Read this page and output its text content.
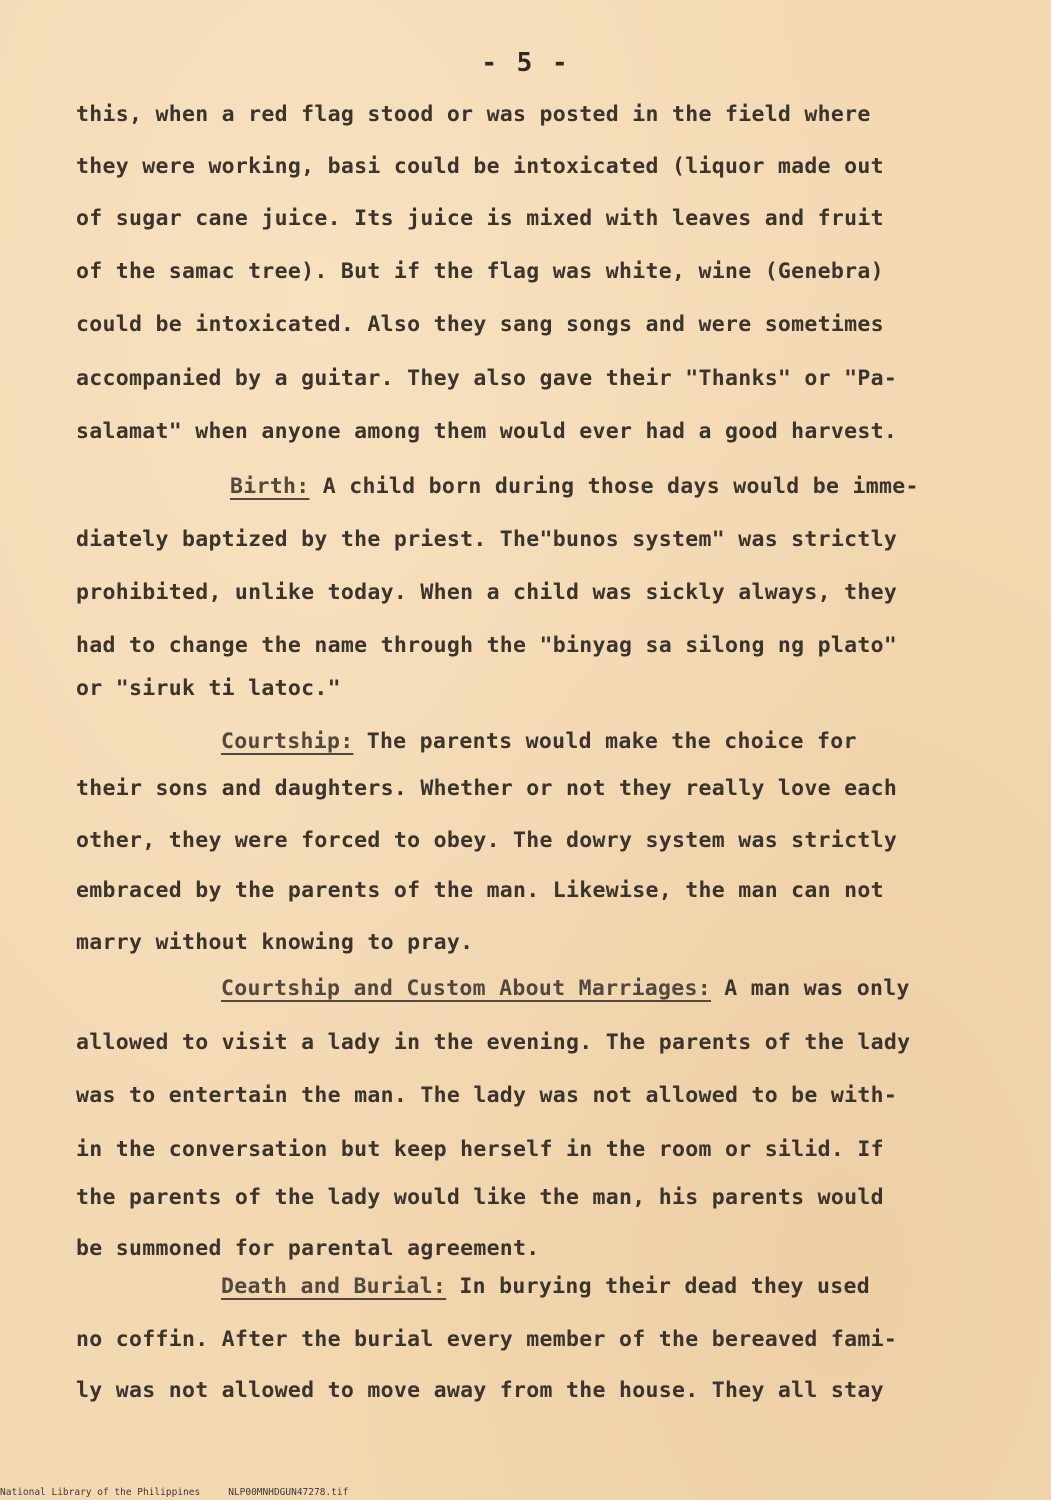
- 5 -
this, when a red flag stood or was posted in the field where
they were working, basi could be intoxicated (liquor made out
of sugar cane juice. Its juice is mixed with leaves and fruit
of the samac tree). But if the flag was white, wine (Genebra)
could be intoxicated. Also they sang songs and were sometimes
accompanied by a guitar. They also gave their "Thanks" or "Pa-
salamat" when anyone among them would ever had a good harvest.
Birth: A child born during those days would be imme-
diately baptized by the priest. The"bunos system" was strictly
prohibited, unlike today. When a child was sickly always, they
had to change the name through the "binyag sa silong ng plato"
or "siruk ti latoc."
Courtship: The parents would make the choice for
their sons and daughters. Whether or not they really love each
other, they were forced to obey. The dowry system was strictly
embraced by the parents of the man. Likewise, the man can not
marry without knowing to pray.
Courtship and Custom About Marriages: A man was only
allowed to visit a lady in the evening. The parents of the lady
was to entertain the man. The lady was not allowed to be with-
in the conversation but keep herself in the room or silid. If
the parents of the lady would like the man, his parents would
be summoned for parental agreement.
Death and Burial: In burying their dead they used
no coffin. After the burial every member of the bereaved fami-
ly was not allowed to move away from the house. They all stay
National Library of the Philippines	NLP00MNHDGUN47278.tif
